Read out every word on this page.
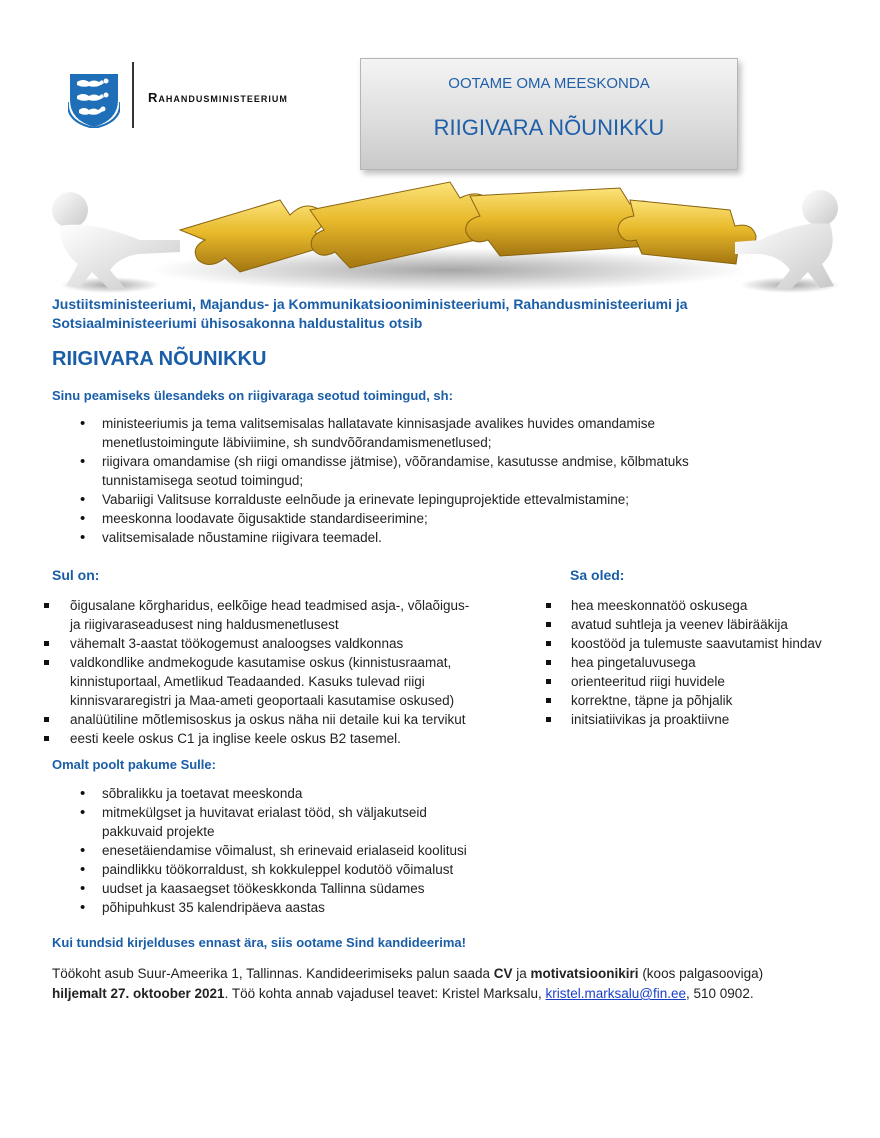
Rahandusministeerium
OOTAME OMA MEESKONDA
RIIGIVARA NÕUNIKKU
Justiitsministeeriumi, Majandus- ja Kommunikatsiooniministeeriumi, Rahandusministeeriumi ja
Sotsiaalministeeriumi ühisosakonna haldustalitus otsib
RIIGIVARA NÕUNIKKU
Sinu peamiseks ülesandeks on riigivaraga seotud toimingud, sh:
• ministeeriumis ja tema valitsemisalas hallatavate kinnisasjade avalikes huvides omandamise
menetlustoimingute läbiviimine, sh sundvõõrandamismenetlused;
• riigivara omandamise (sh riigi omandisse jätmise), võõrandamise, kasutusse andmise, kõlbmatuks
tunnistamisega seotud toimingud;
• Vabariigi Valitsuse korralduste eelnõude ja erinevate lepinguprojektide ettevalmistamine;
• meeskonna loodavate õigusaktide standardiseerimine;
• valitsemisalade nõustamine riigivara teemadel.
Sul on:
õigusalane kõrgharidus, eelkõige head teadmised asja-, võlaõigus-
ja riigivaraseadusest ning haldusmenetlusest
vähemalt 3-aastat töökogemust analoogses valdkonnas
valdkondlike andmekogude kasutamise oskus (kinnistusraamat,
kinnistuportaal, Ametlikud Teadaanded. Kasuks tulevad riigi
kinnisvararegistri ja Maa-ameti geoportaali kasutamise oskused)
analüütiline mõtlemisoskus ja oskus näha nii detaile kui ka tervikut
eesti keele oskus C1 ja inglise keele oskus B2 tasemel.
Sa oled:
hea meeskonnatöö oskusega
avatud suhtleja ja veenev läbirääkija
koostööd ja tulemuste saavutamist hindav
hea pingetaluvusega
orienteeritud riigi huvidele
korrektne, täpne ja põhjalik
initsiatiivikas ja proaktiivne
Omalt poolt pakume Sulle:
• sõbralikku ja toetavat meeskonda
• mitmekülgset ja huvitavat erialast tööd, sh väljakutseid
pakkuvaid projekte
• enesetäiendamise võimalust, sh erinevaid erialaseid koolitusi
• paindlikku töökorraldust, sh kokkuleppel kodutöö võimalust
• uudset ja kaasaegset töökeskkonda Tallinna südames
• põhipuhkust 35 kalendripäeva aastas
Kui tundsid kirjelduses ennast ära, siis ootame Sind kandideerima!
Töökoht asub Suur-Ameerika 1, Tallinnas. Kandideerimiseks palun saada CV ja motivatsioonikiri (koos palgasooviga)
hiljemalt 27. oktoober 2021. Töö kohta annab vajadusel teavet: Kristel Marksalu, kristel.marksalu@fin.ee, 510 0902.
